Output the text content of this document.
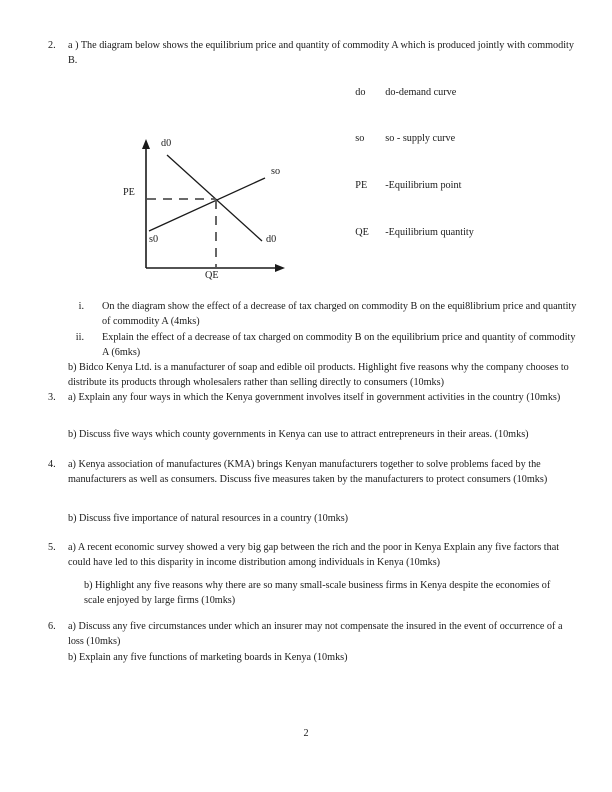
2.	a ) The diagram below shows the equilibrium price and quantity of commodity A which is produced jointly with commodity B.

do do-demand curve

so so - supply curve

PE -Equilibrium point

QE -Equilibrium quantity

d0
so
d0
s0
PE
QE
i.	On the diagram show the effect of a decrease of tax charged on commodity B on the equi8librium price and quantity of commodity A (4mks)
ii.	Explain the effect of a decrease of tax charged on commodity B on the equilibrium price and quantity of commodity A (6mks)
b) Bidco Kenya Ltd. is a manufacturer of soap and edible oil products. Highlight five reasons why the company chooses to distribute its products through wholesalers rather than selling directly to consumers (10mks)
3.	a) Explain any four ways in which the Kenya government involves itself in government activities in the country (10mks)
b) Discuss five ways which county governments in Kenya can use to attract entrepreneurs in their areas. (10mks)
4.	a) Kenya association of manufactures (KMA) brings Kenyan manufacturers together to solve problems faced by the manufacturers as well as consumers. Discuss five measures taken by the manufacturers to protect consumers (10mks)
b) Discuss five importance of natural resources in a country (10mks)
5.	a) A recent economic survey showed a very big gap between the rich and the poor in Kenya Explain any five factors that could have led to this disparity in income distribution among individuals in Kenya (10mks)
b) Highlight any five reasons why there are so many small-scale business firms in Kenya despite the economies of scale enjoyed by large firms (10mks)
6.	a) Discuss any five circumstances under which an insurer may not compensate the insured in the event of occurrence of a loss (10mks)
b) Explain any five functions of marketing boards in Kenya (10mks)
2
